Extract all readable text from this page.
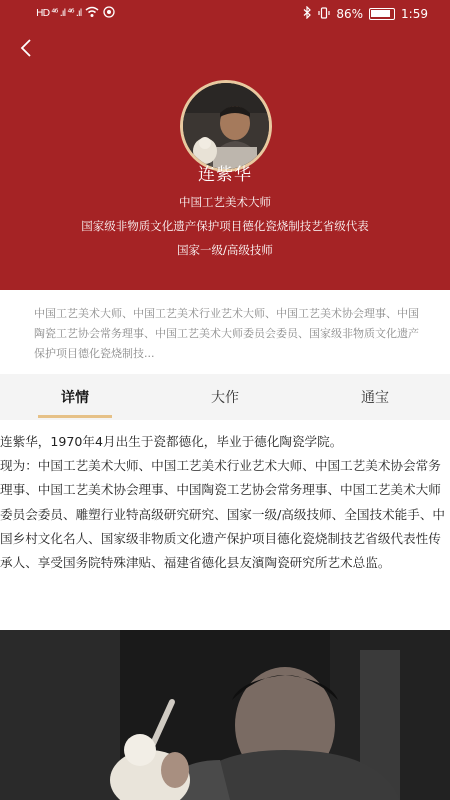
HD ⁴⁶ .ıl ⁴⁶ .ıl	86%	1:59
连紫华
中国工艺美术大师
国家级非物质文化遗产保护项目德化瓷烧制技艺省级代表
国家一级/高级技师
中国工艺美术大师、中国工艺美术行业艺术大师、中国工艺美术协会理事、中国陶瓷工艺协会常务理事、中国工艺美术大师委员会委员、国家级非物质文化遗产保护项目德化瓷烧制技...
详情	大作	通宝
连紫华，1970年4月出生于瓷都德化，毕业于德化陶瓷学院。
现为：中国工艺美术大师、中国工艺美术行业艺术大师、中国工艺美术协会常务理事、中国工艺美术协会理事、中国陶瓷工艺协会常务理事、中国工艺美术大师委员会委员、雕塑行业特高级研究研究、国家一级/高级技师、全国技术能手、中国乡村文化名人、国家级非物质文化遗产保护项目德化瓷烧制技艺省级代表性传承人、享受国务院特殊津贴、福建省德化县友濱陶瓷研究所艺术总监。
